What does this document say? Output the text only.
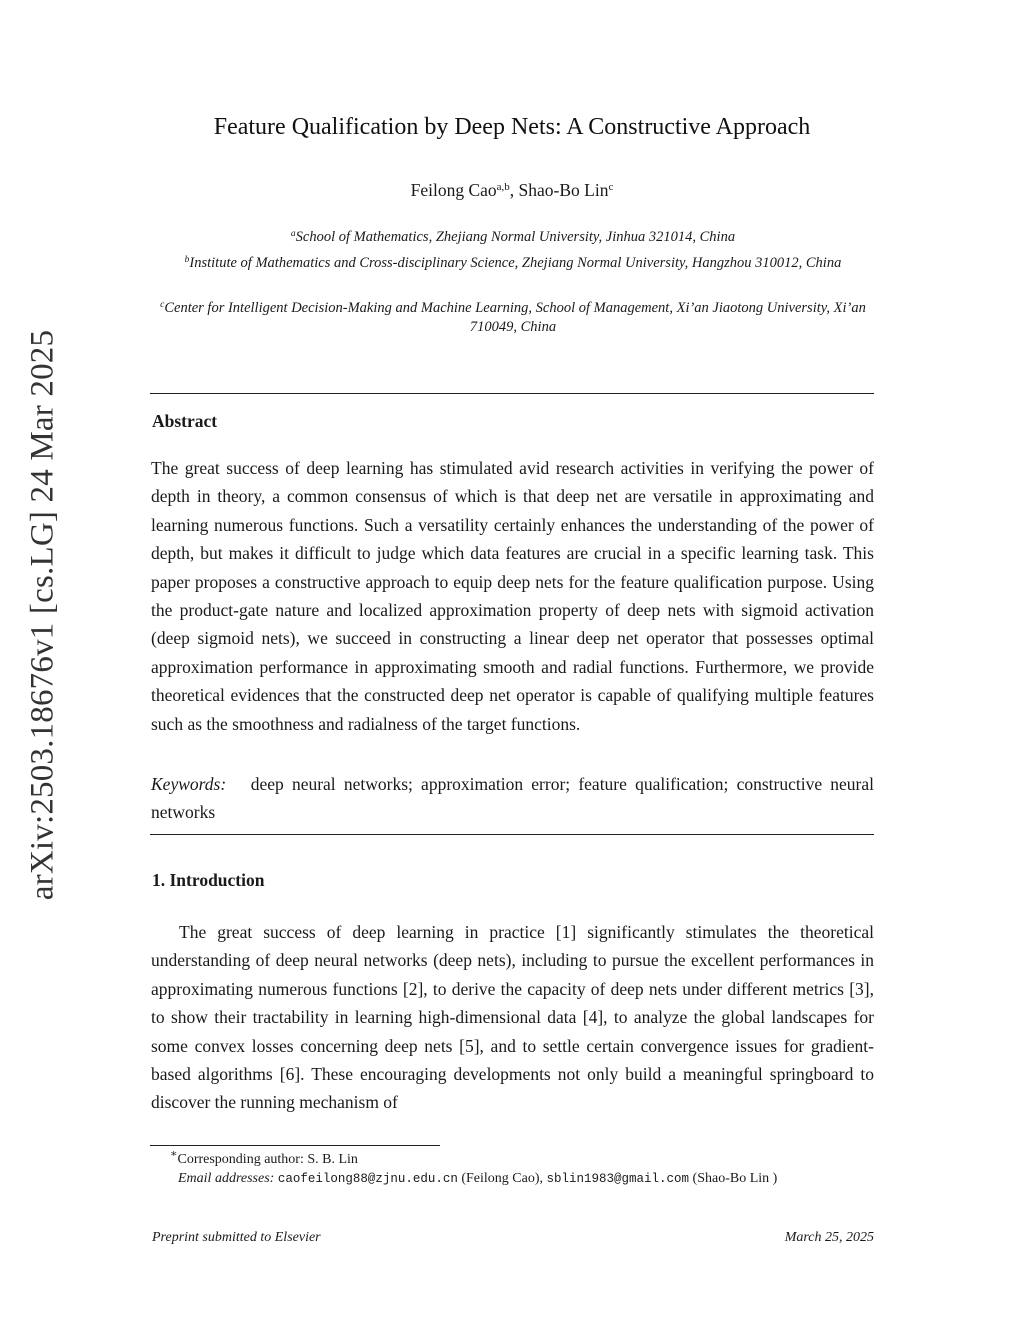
arXiv:2503.18676v1 [cs.LG] 24 Mar 2025
Feature Qualification by Deep Nets: A Constructive Approach
Feilong Cao$^{a,b}$, Shao-Bo Lin$^c$
$^a$School of Mathematics, Zhejiang Normal University, Jinhua 321014, China
$^b$Institute of Mathematics and Cross-disciplinary Science, Zhejiang Normal University, Hangzhou 310012, China
$^c$Center for Intelligent Decision-Making and Machine Learning, School of Management, Xi’an Jiaotong University, Xi’an 710049, China
Abstract
The great success of deep learning has stimulated avid research activities in verifying the power of depth in theory, a common consensus of which is that deep net are versatile in approximating and learning numerous functions. Such a versatility certainly enhances the understanding of the power of depth, but makes it difficult to judge which data features are crucial in a specific learning task. This paper proposes a constructive approach to equip deep nets for the feature qualification purpose. Using the product-gate nature and localized approximation property of deep nets with sigmoid activation (deep sigmoid nets), we succeed in constructing a linear deep net operator that possesses optimal approximation performance in approximating smooth and radial functions. Furthermore, we provide theoretical evidences that the constructed deep net operator is capable of qualifying multiple features such as the smoothness and radialness of the target functions.
Keywords: deep neural networks; approximation error; feature qualification; constructive neural networks
1. Introduction
The great success of deep learning in practice [1] significantly stimulates the theoretical understanding of deep neural networks (deep nets), including to pursue the excellent performances in approximating numerous functions [2], to derive the capacity of deep nets under different metrics [3], to show their tractability in learning high-dimensional data [4], to analyze the global landscapes for some convex losses concerning deep nets [5], and to settle certain convergence issues for gradient-based algorithms [6]. These encouraging developments not only build a meaningful springboard to discover the running mechanism of
∗Corresponding author: S. B. Lin
Email addresses: caofeilong88@zjnu.edu.cn (Feilong Cao), sblin1983@gmail.com (Shao-Bo Lin )
Preprint submitted to Elsevier	March 25, 2025
